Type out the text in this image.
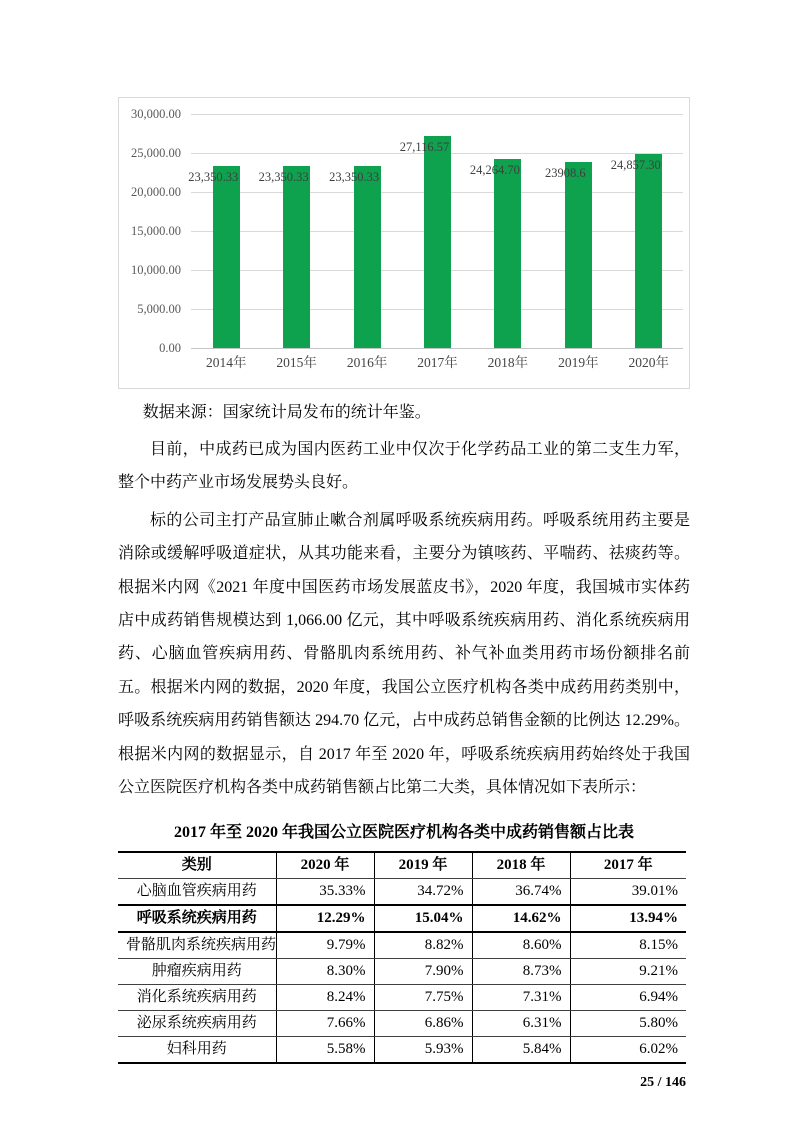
30,000.00
25,000.00
20,000.00
15,000.00
10,000.00
5,000.00
0.00
23,350.33
2014年
23,350.33
2015年
23,350.33
2016年
27,116.57
2017年
24,264.70
2018年
23908.6
2019年
24,857.30
2020年

数据来源：国家统计局发布的统计年鉴。

目前，中成药已成为国内医药工业中仅次于化学药品工业的第二支生力军，整个中药产业市场发展势头良好。

标的公司主打产品宣肺止嗽合剂属呼吸系统疾病用药。呼吸系统用药主要是消除或缓解呼吸道症状，从其功能来看，主要分为镇咳药、平喘药、祛痰药等。根据米内网《2021 年度中国医药市场发展蓝皮书》，2020 年度，我国城市实体药店中成药销售规模达到 1,066.00 亿元，其中呼吸系统疾病用药、消化系统疾病用药、心脑血管疾病用药、骨骼肌肉系统用药、补气补血类用药市场份额排名前五。根据米内网的数据，2020 年度，我国公立医疗机构各类中成药用药类别中，呼吸系统疾病用药销售额达 294.70 亿元，占中成药总销售金额的比例达 12.29%。根据米内网的数据显示，自 2017 年至 2020 年，呼吸系统疾病用药始终处于我国公立医院医疗机构各类中成药销售额占比第二大类，具体情况如下表所示：

2017 年至 2020 年我国公立医院医疗机构各类中成药销售额占比表
类别	2020 年	2019 年	2018 年	2017 年
心脑血管疾病用药	35.33%	34.72%	36.74%	39.01%
呼吸系统疾病用药	12.29%	15.04%	14.62%	13.94%
骨骼肌肉系统疾病用药	9.79%	8.82%	8.60%	8.15%
肿瘤疾病用药	8.30%	7.90%	8.73%	9.21%
消化系统疾病用药	8.24%	7.75%	7.31%	6.94%
泌尿系统疾病用药	7.66%	6.86%	6.31%	5.80%
妇科用药	5.58%	5.93%	5.84%	6.02%
25 / 146
